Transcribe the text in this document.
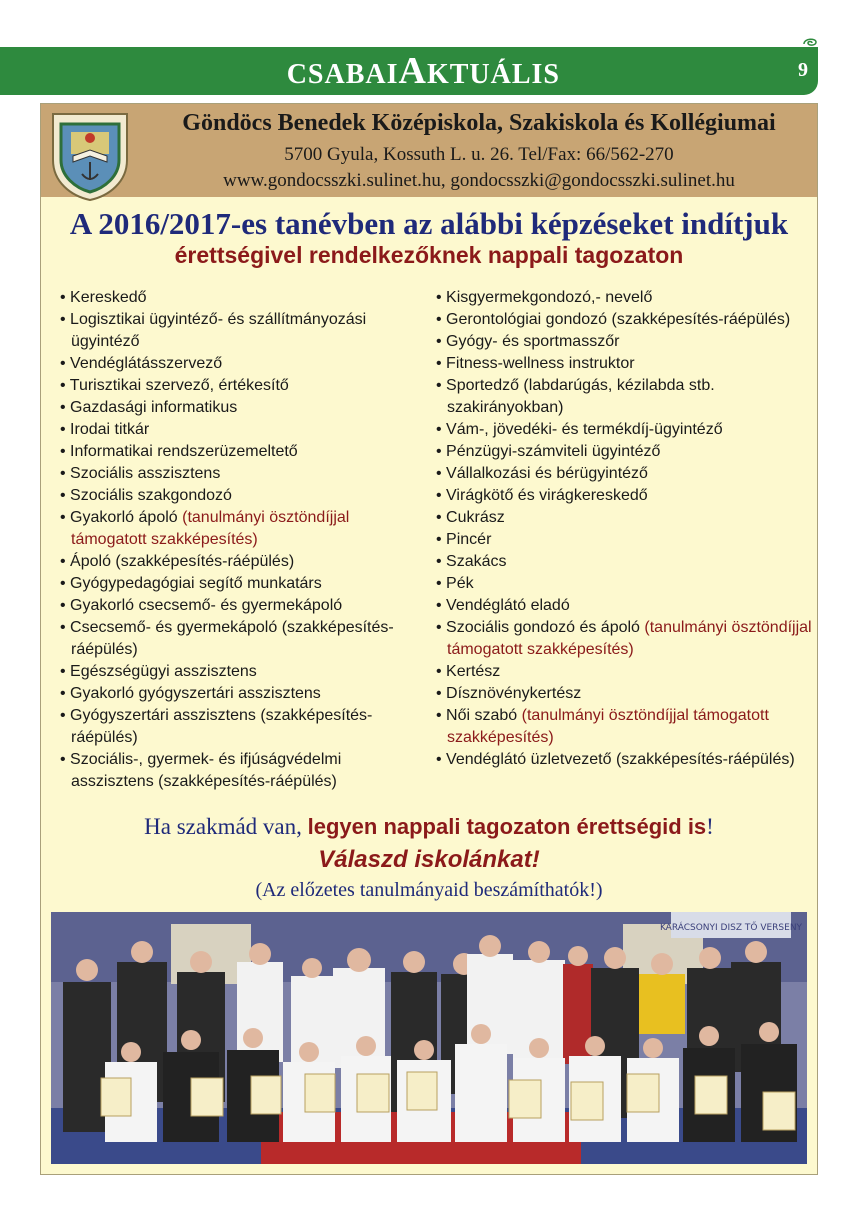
CSABAIAKTUÁLIS	9
Göndöcs Benedek Középiskola, Szakiskola és Kollégiumai
5700 Gyula, Kossuth L. u. 26. Tel/Fax: 66/562-270
www.gondocsszki.sulinet.hu, gondocsszki@gondocsszki.sulinet.hu
A 2016/2017-es tanévben az alábbi képzéseket indítjuk
érettségivel rendelkezőknek nappali tagozaton
• Kereskedő
• Logisztikai ügyintéző- és szállítmányozási ügyintéző
• Vendéglátásszervező
• Turisztikai szervező, értékesítő
• Gazdasági informatikus
• Irodai titkár
• Informatikai rendszerüzemeltető
• Szociális asszisztens
• Szociális szakgondozó
• Gyakorló ápoló (tanulmányi ösztöndíjjal támogatott szakképesítés)
• Ápoló (szakképesítés-ráépülés)
• Gyógypedagógiai segítő munkatárs
• Gyakorló csecsemő- és gyermekápoló
• Csecsemő- és gyermekápoló (szakképesítés-ráépülés)
• Egészségügyi asszisztens
• Gyakorló gyógyszertári asszisztens
• Gyógyszertári asszisztens (szakképesítés-ráépülés)
• Szociális-, gyermek- és ifjúságvédelmi asszisztens (szakképesítés-ráépülés)
• Kisgyermekgondozó,- nevelő
• Gerontológiai gondozó (szakképesítés-ráépülés)
• Gyógy- és sportmasszőr
• Fitness-wellness instruktor
• Sportedző (labdarúgás, kézilabda stb. szakirányokban)
• Vám-, jövedéki- és termékdíj-ügyintéző
• Pénzügyi-számviteli ügyintéző
• Vállalkozási és bérügyintéző
• Virágkötő és virágkereskedő
• Cukrász
• Pincér
• Szakács
• Pék
• Vendéglátó eladó
• Szociális gondozó és ápoló (tanulmányi ösztöndíjjal támogatott szakképesítés)
• Kertész
• Dísznövénykertész
• Női szabó (tanulmányi ösztöndíjjal támogatott szakképesítés)
• Vendéglátó üzletvezető (szakképesítés-ráépülés)
Ha szakmád van, legyen nappali tagozaton érettségid is!
Válaszd iskolánkat!
(Az előzetes tanulmányaid beszámíthatók!)
KARÁCSONYI DISZ TŐ VERSENY
